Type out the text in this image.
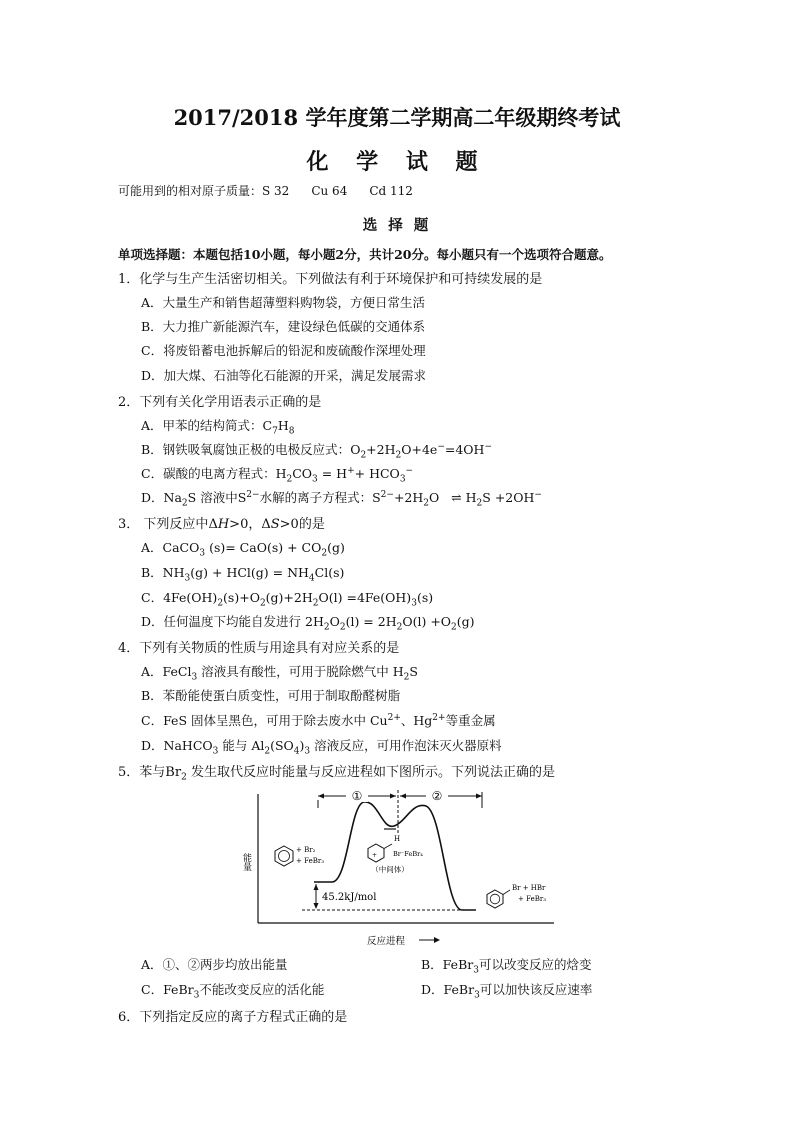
2017/2018 学年度第二学期高二年级期终考试
化 学 试 题
可能用到的相对原子质量：S 32 Cu 64 Cd 112
选 择 题
单项选择题：本题包括10小题，每小题2分，共计20分。每小题只有一个选项符合题意。
1．化学与生产生活密切相关。下列做法有利于环境保护和可持续发展的是
A．大量生产和销售超薄塑料购物袋，方便日常生活
B．大力推广新能源汽车，建设绿色低碳的交通体系
C．将废铅蓄电池拆解后的铅泥和废硫酸作深埋处理
D．加大煤、石油等化石能源的开采，满足发展需求
2．下列有关化学用语表示正确的是
A．甲苯的结构简式：$C_7H_8$
B．钢铁吸氧腐蚀正极的电极反应式：$O_2+2H_2O+4e^-=4OH^-$
C．碳酸的电离方程式：$H_2CO_3 = H^++ HCO_3^-$
D．$Na_2S$ 溶液中$S^{2-}$水解的离子方程式：$S^{2-}+2H_2O$   ⇌ $H_2S +2OH^-$
3． 下列反应中ΔH>0，ΔS>0的是
A．CaCO$_3$ $(s)= CaO(s) + CO_2(g)$
B．$NH_3(g) + HCl(g) = NH_4Cl(s)$
C．$4Fe(OH)_2(s)+O_2(g)+2H_2O(l) =4Fe(OH)_3(s)$
D．任何温度下均能自发进行 $2H_2O_2(l) = 2H_2O(l) +O_2(g)$
4．下列有关物质的性质与用途具有对应关系的是
A．FeCl$_3$ 溶液具有酸性，可用于脱除燃气中 $H_2S$
B．苯酚能使蛋白质变性，可用于制取酚醛树脂
C．FeS 固体呈黑色，可用于除去废水中 $Cu^{2+}$、$Hg^{2+}$等重金属
D．NaHCO$_3$ 能与 $Al_2(SO_4)_3$ 溶液反应，可用作泡沫灭火器原料
5．苯与$Br_2$ 发生取代反应时能量与反应进程如下图所示。下列说法正确的是
能量
反应进程
①	②
+ Br₂
+ FeBr₃
H
+ Br⁻FeBr₄
（中间体）
45.2kJ/mol
Br + HBr
+ FeBr₃
A．①、②两步均放出能量	B．FeBr$_3$可以改变反应的焓变
C．FeBr$_3$不能改变反应的活化能	D．FeBr$_3$可以加快该反应速率
6．下列指定反应的离子方程式正确的是
